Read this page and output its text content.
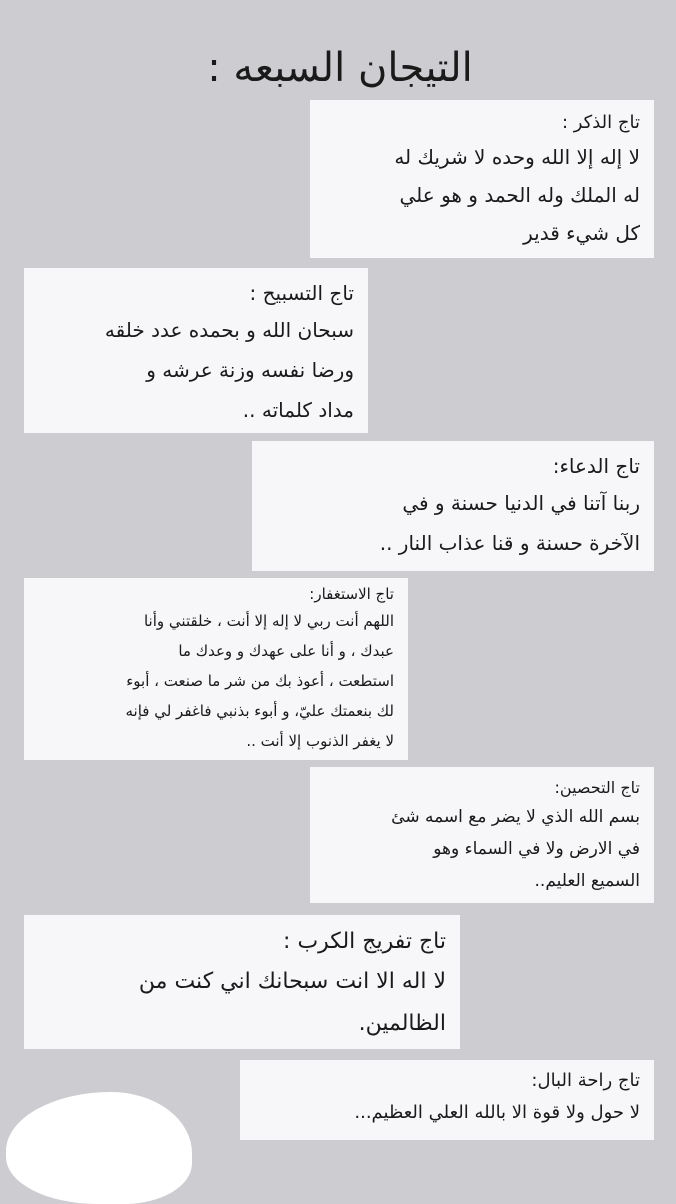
التيجان السبعه :
تاج الذكر :
لا إله إلا الله وحده لا شريك له
له الملك وله الحمد و هو علي
كل شيء قدير
تاج التسبيح :
سبحان الله و بحمده عدد خلقه
ورضا نفسه وزنة عرشه و
مداد كلماته ..
تاج الدعاء:
ربنا آتنا في الدنيا حسنة و في
الآخرة حسنة و قنا عذاب النار ..
تاج الاستغفار:
اللهم أنت ربي لا إله إلا أنت ، خلقتني وأنا
عبدك ، و أنا على عهدك و وعدك ما
استطعت ، أعوذ بك من شر ما صنعت ، أبوء
لك بنعمتك عليّ، و أبوء بذنبي فاغفر لي فإنه
لا يغفر الذنوب إلا أنت ..
تاج التحصين:
بسم الله الذي لا يضر مع اسمه شئ
في الارض ولا في السماء وهو
السميع العليم..
تاج تفريج الكرب :
لا اله الا انت سبحانك اني كنت من
الظالمين.
تاج راحة البال:
لا حول ولا قوة الا بالله العلي العظيم...
